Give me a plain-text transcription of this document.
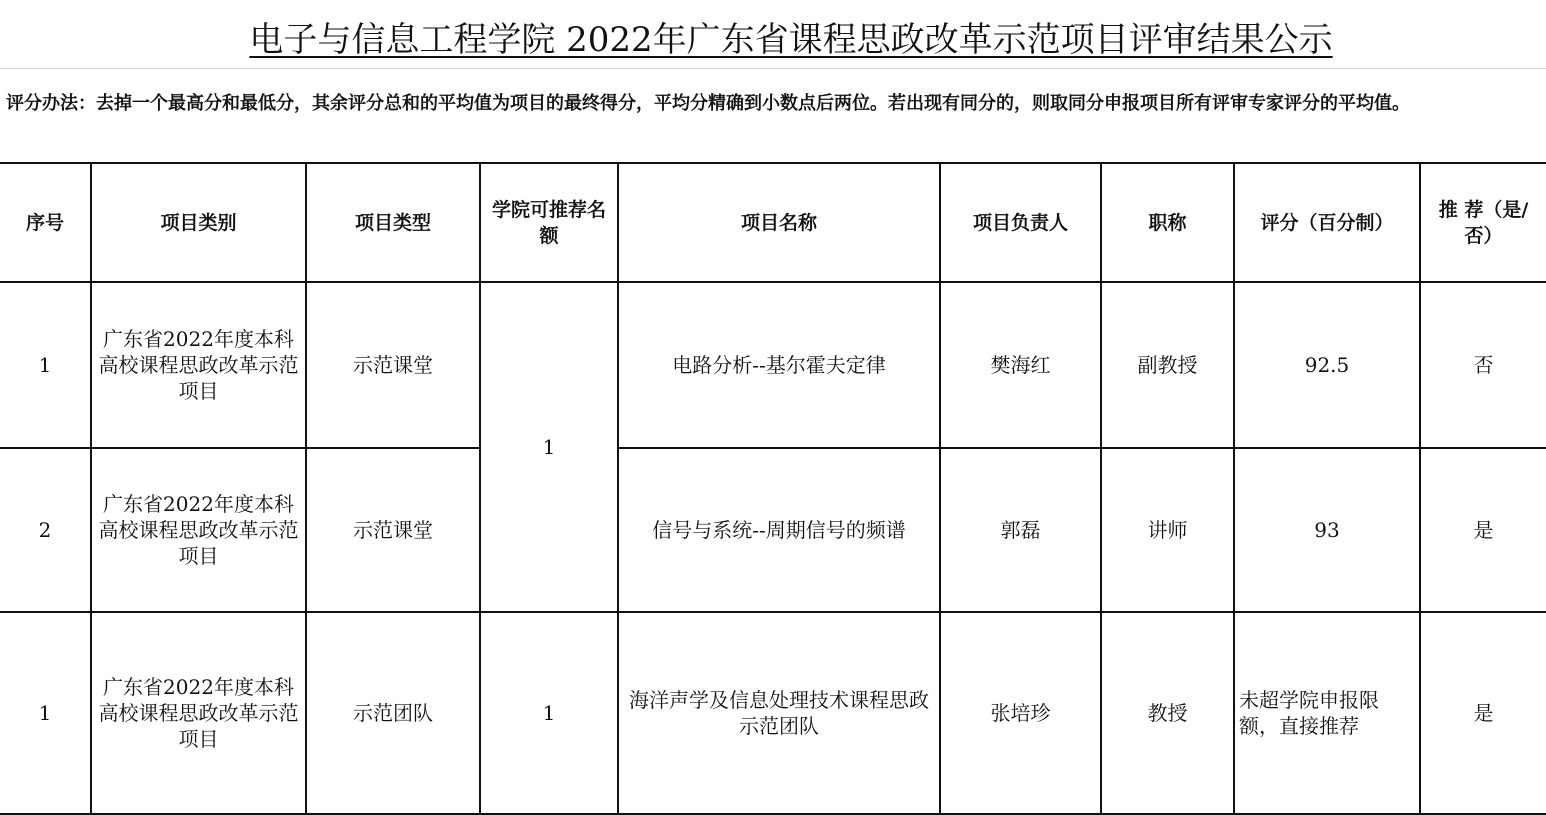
电子与信息工程学院 2022年广东省课程思政改革示范项目评审结果公示
评分办法：去掉一个最高分和最低分，其余评分总和的平均值为项目的最终得分，平均分精确到小数点后两位。若出现有同分的，则取同分申报项目所有评审专家评分的平均值。
序号	项目类别	项目类型	学院可推荐名额	项目名称	项目负责人	职称	评分（百分制）	推 荐（是/否）
1	广东省2022年度本科高校课程思政改革示范项目	示范课堂	1	电路分析--基尔霍夫定律	樊海红	副教授	92.5	否
2	广东省2022年度本科高校课程思政改革示范项目	示范课堂		信号与系统--周期信号的频谱	郭磊	讲师	93	是
1	广东省2022年度本科高校课程思政改革示范项目	示范团队	1	海洋声学及信息处理技术课程思政示范团队	张培珍	教授	未超学院申报限额，直接推荐	是
